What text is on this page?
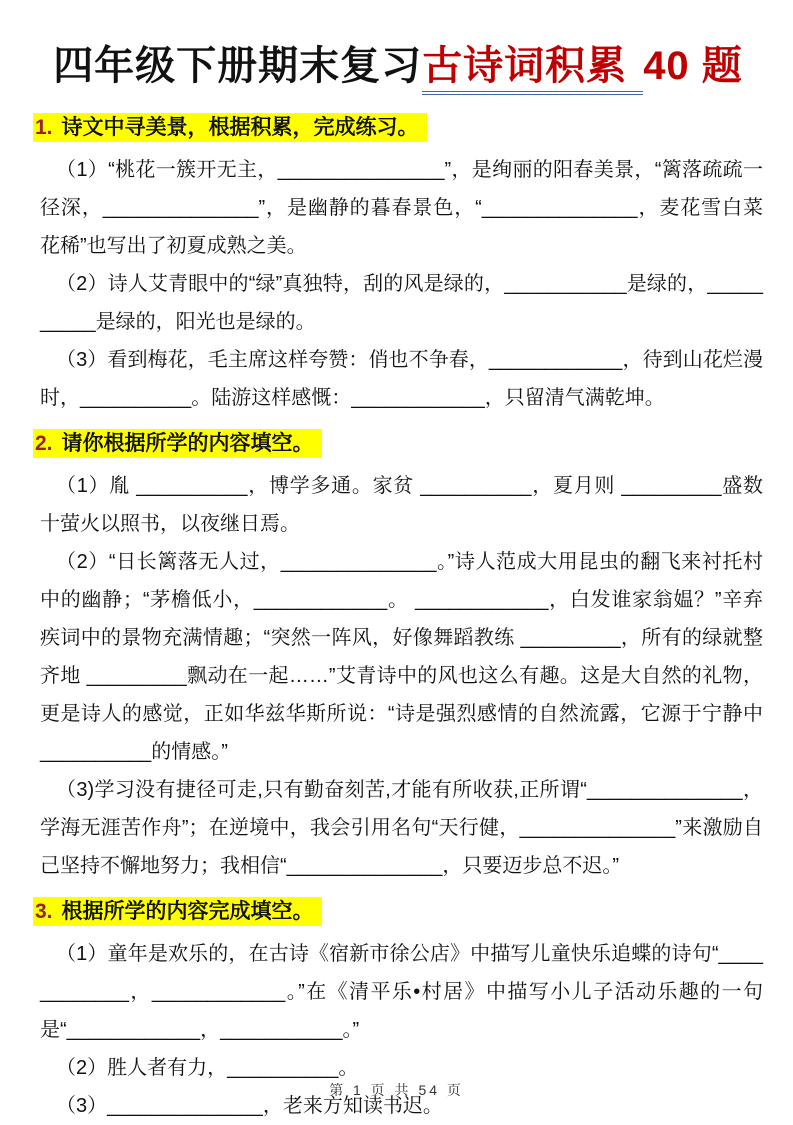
四年级下册期末复习古诗词积累 40 题
1. 诗文中寻美景，根据积累，完成练习。

（1）“桃花一簇开无主，_______________”，是绚丽的阳春美景，“篱落疏疏一径深，______________”，是幽静的暮春景色，“______________，麦花雪白菜花稀”也写出了初夏成熟之美。

（2）诗人艾青眼中的“绿”真独特，刮的风是绿的，___________是绿的，__________是绿的，阳光也是绿的。

（3）看到梅花，毛主席这样夸赞：俏也不争春，____________，待到山花烂漫时，__________。陆游这样感慨：____________，只留清气满乾坤。

2. 请你根据所学的内容填空。

（1）胤 __________，博学多通。家贫 __________，夏月则 _________盛数十萤火以照书，以夜继日焉。

（2）“日长篱落无人过，______________。”诗人范成大用昆虫的翻飞来衬托村中的幽静；“茅檐低小，____________。 ____________，白发谁家翁媪？”辛弃疾词中的景物充满情趣；“突然一阵风，好像舞蹈教练 _________，所有的绿就整齐地 _________飘动在一起……”艾青诗中的风也这么有趣。这是大自然的礼物，更是诗人的感觉，正如华兹华斯所说：“诗是强烈感情的自然流露，它源于宁静中 __________的情感。”

（3)学习没有捷径可走,只有勤奋刻苦,才能有所收获,正所谓“______________，学海无涯苦作舟”；在逆境中，我会引用名句“天行健，______________”来激励自己坚持不懈地努力；我相信“______________，只要迈步总不迟。”

3. 根据所学的内容完成填空。

（1）童年是欢乐的，在古诗《宿新市徐公店》中描写儿童快乐追蝶的诗句“____________，____________。”在《清平乐•村居》中描写小儿子活动乐趣的一句是“____________，___________。”

（2）胜人者有力，__________。

（3）______________，老来方知读书迟。

第 1 页 共 54 页
